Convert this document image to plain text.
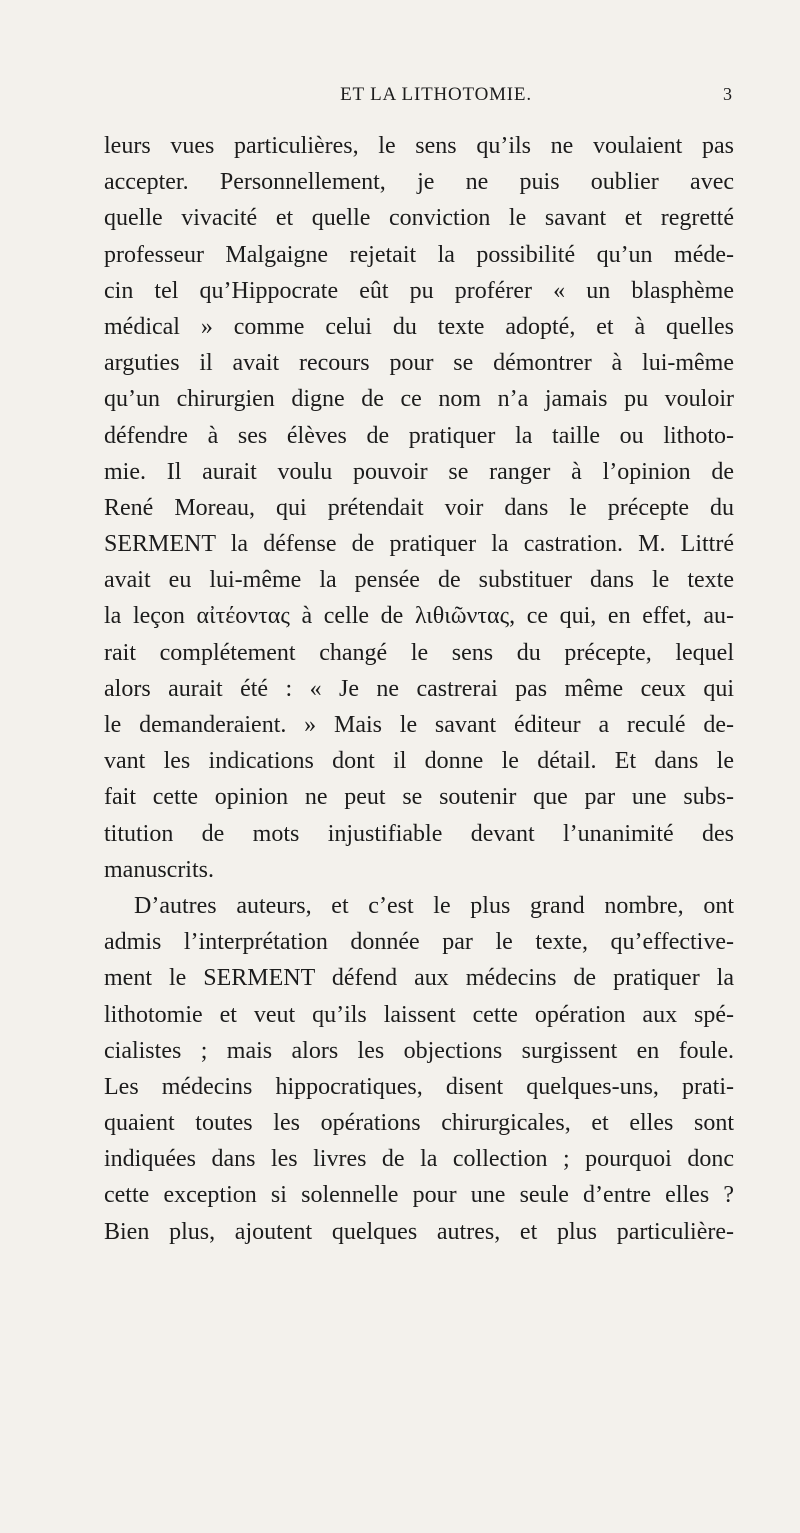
ET LA LITHOTOMIE.	3
leurs vues particulières, le sens qu’ils ne voulaient pas
accepter. Personnellement, je ne puis oublier avec
quelle vivacité et quelle conviction le savant et regretté
professeur Malgaigne rejetait la possibilité qu’un méde-
cin tel qu’Hippocrate eût pu proférer « un blasphème
médical » comme celui du texte adopté, et à quelles
arguties il avait recours pour se démontrer à lui-même
qu’un chirurgien digne de ce nom n’a jamais pu vouloir
défendre à ses élèves de pratiquer la taille ou lithoto-
mie. Il aurait voulu pouvoir se ranger à l’opinion de
René Moreau, qui prétendait voir dans le précepte du
SERMENT la défense de pratiquer la castration. M. Littré
avait eu lui-même la pensée de substituer dans le texte
la leçon αἰτέοντας à celle de λιθιῶντας, ce qui, en effet, au-
rait complétement changé le sens du précepte, lequel
alors aurait été : « Je ne castrerai pas même ceux qui
le demanderaient. » Mais le savant éditeur a reculé de-
vant les indications dont il donne le détail. Et dans le
fait cette opinion ne peut se soutenir que par une subs-
titution de mots injustifiable devant l’unanimité des
manuscrits.
D’autres auteurs, et c’est le plus grand nombre, ont
admis l’interprétation donnée par le texte, qu’effective-
ment le SERMENT défend aux médecins de pratiquer la
lithotomie et veut qu’ils laissent cette opération aux spé-
cialistes ; mais alors les objections surgissent en foule.
Les médecins hippocratiques, disent quelques-uns, prati-
quaient toutes les opérations chirurgicales, et elles sont
indiquées dans les livres de la collection ; pourquoi donc
cette exception si solennelle pour une seule d’entre elles ?
Bien plus, ajoutent quelques autres, et plus particulière-
